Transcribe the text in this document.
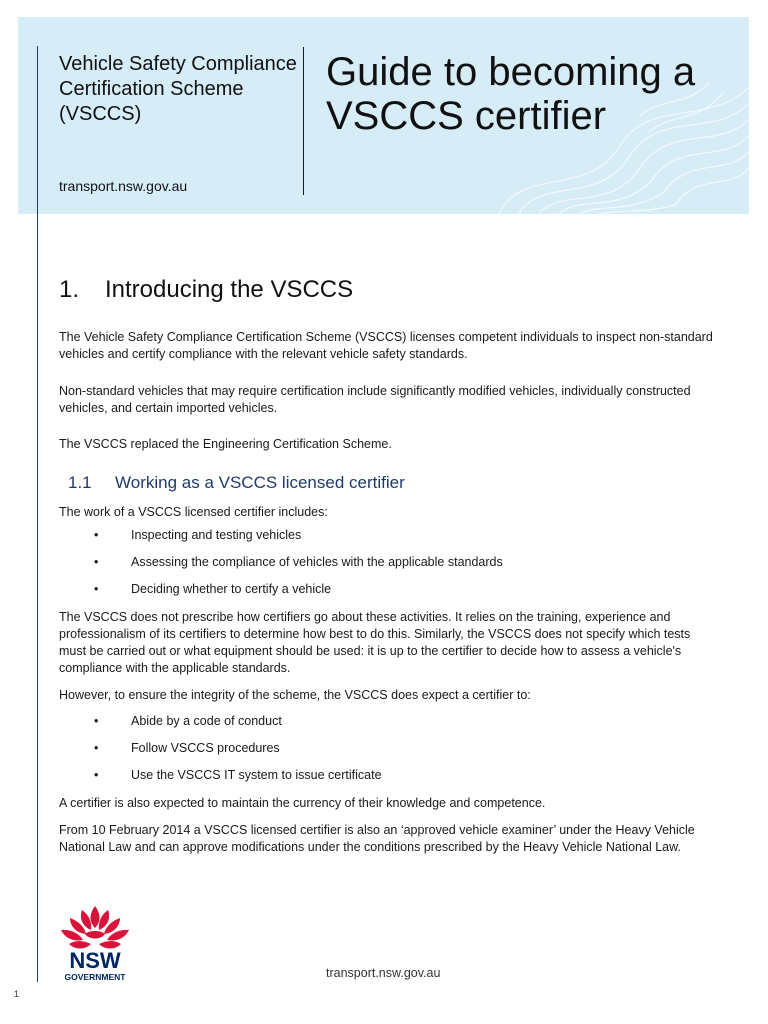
Vehicle Safety Compliance Certification Scheme (VSCCS)
transport.nsw.gov.au
Guide to becoming a VSCCS certifier
1. Introducing the VSCCS

The Vehicle Safety Compliance Certification Scheme (VSCCS) licenses competent individuals to inspect non-standard vehicles and certify compliance with the relevant vehicle safety standards.

Non-standard vehicles that may require certification include significantly modified vehicles, individually constructed vehicles, and certain imported vehicles.

The VSCCS replaced the Engineering Certification Scheme.

1.1 Working as a VSCCS licensed certifier

The work of a VSCCS licensed certifier includes:

•	Inspecting and testing vehicles
•	Assessing the compliance of vehicles with the applicable standards
•	Deciding whether to certify a vehicle

The VSCCS does not prescribe how certifiers go about these activities. It relies on the training, experience and professionalism of its certifiers to determine how best to do this. Similarly, the VSCCS does not specify which tests must be carried out or what equipment should be used: it is up to the certifier to decide how to assess a vehicle's compliance with the applicable standards.

However, to ensure the integrity of the scheme, the VSCCS does expect a certifier to:

•	Abide by a code of conduct
•	Follow VSCCS procedures
•	Use the VSCCS IT system to issue certificate

A certifier is also expected to maintain the currency of their knowledge and competence.

From 10 February 2014 a VSCCS licensed certifier is also an ‘approved vehicle examiner’ under the Heavy Vehicle National Law and can approve modifications under the conditions prescribed by the Heavy Vehicle National Law.

NSW
GOVERNMENT	transport.nsw.gov.au
1
